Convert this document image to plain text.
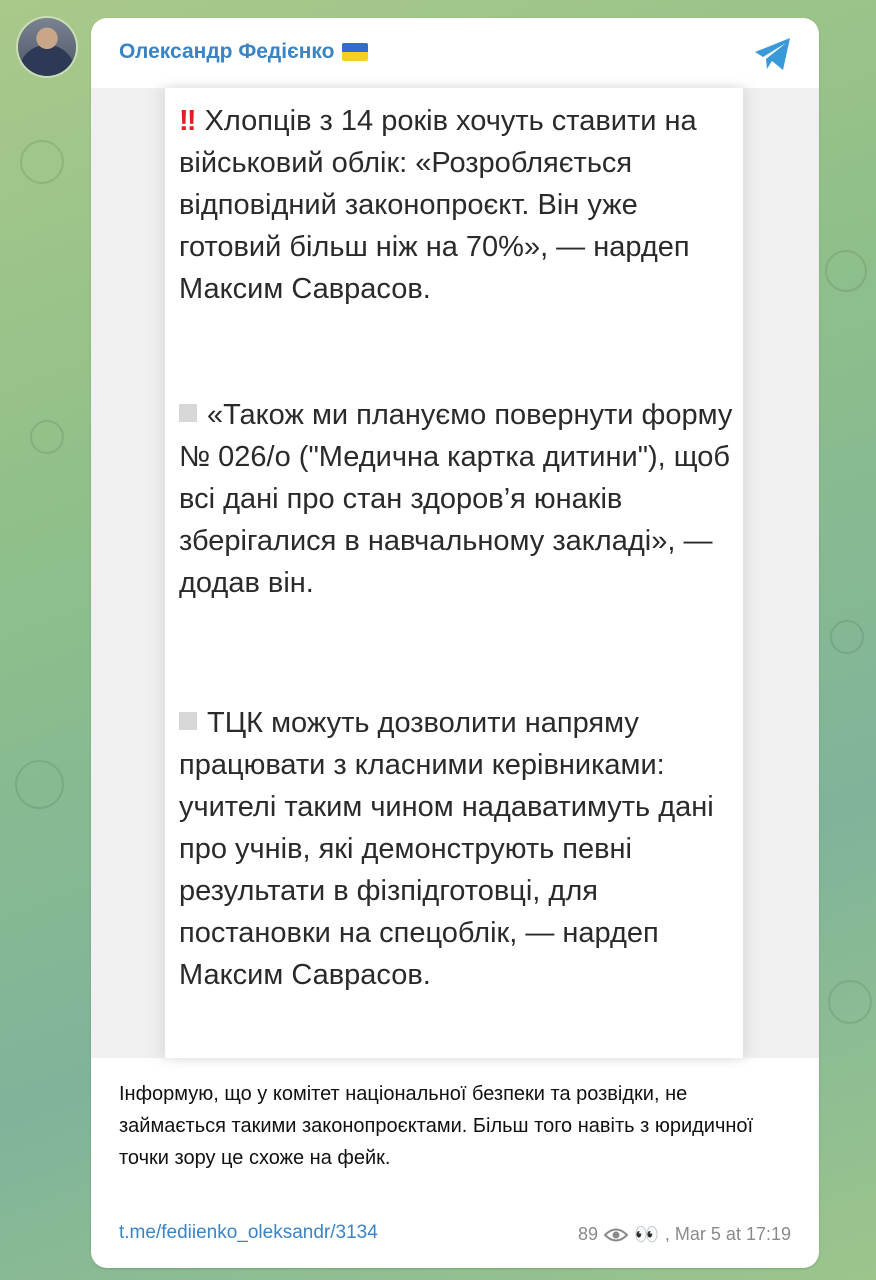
Олександр Федієнко

‼ Хлопців з 14 років хочуть ставити на військовий облік: «Розробляється відповідний законопроєкт. Він уже готовий більш ніж на 70%», — нардеп Максим Саврасов.

«Також ми плануємо повернути форму № 026/о ("Медична картка дитини"), щоб всі дані про стан здоров’я юнаків зберігалися в навчальному закладі», — додав він.

ТЦК можуть дозволити напряму працювати з класними керівниками: учителі таким чином надаватимуть дані про учнів, які демонструють певні результати в фізпідготовці, для постановки на спецоблік, — нардеп Максим Саврасов.

Інформую, що у комітет національної безпеки та розвідки, не займається такими законопроєктами. Більш того навіть з юридичної точки зору це схоже на фейк.
t.me/fediienko_oleksandr/3134	89 👀 , Mar 5 at 17:19
